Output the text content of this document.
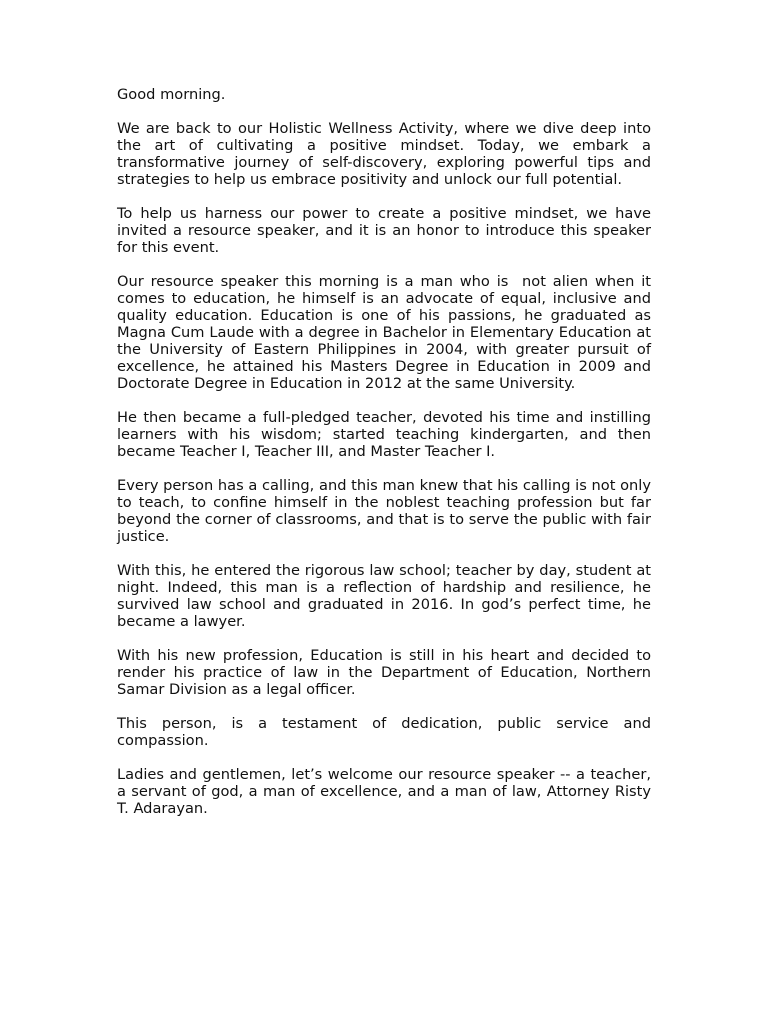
Good morning.

We are back to our Holistic Wellness Activity, where we dive deep into the art of cultivating a positive mindset. Today, we embark a transformative journey of self-discovery, exploring powerful tips and strategies to help us embrace positivity and unlock our full potential.

To help us harness our power to create a positive mindset, we have invited a resource speaker, and it is an honor to introduce this speaker for this event.

Our resource speaker this morning is a man who is  not alien when it comes to education, he himself is an advocate of equal, inclusive and quality education. Education is one of his passions, he graduated as Magna Cum Laude with a degree in Bachelor in Elementary Education at the University of Eastern Philippines in 2004, with greater pursuit of excellence, he attained his Masters Degree in Education in 2009 and Doctorate Degree in Education in 2012 at the same University.

He then became a full-pledged teacher, devoted his time and instilling learners with his wisdom; started teaching kindergarten, and then became Teacher I, Teacher III, and Master Teacher I.

Every person has a calling, and this man knew that his calling is not only to teach, to confine himself in the noblest teaching profession but far beyond the corner of classrooms, and that is to serve the public with fair justice.

With this, he entered the rigorous law school; teacher by day, student at night. Indeed, this man is a reflection of hardship and resilience, he survived law school and graduated in 2016. In god’s perfect time, he became a lawyer.

With his new profession, Education is still in his heart and decided to render his practice of law in the Department of Education, Northern Samar Division as a legal officer.

This person, is a testament of dedication, public service and compassion.

Ladies and gentlemen, let’s welcome our resource speaker -- a teacher, a servant of god, a man of excellence, and a man of law, Attorney Risty T. Adarayan.
